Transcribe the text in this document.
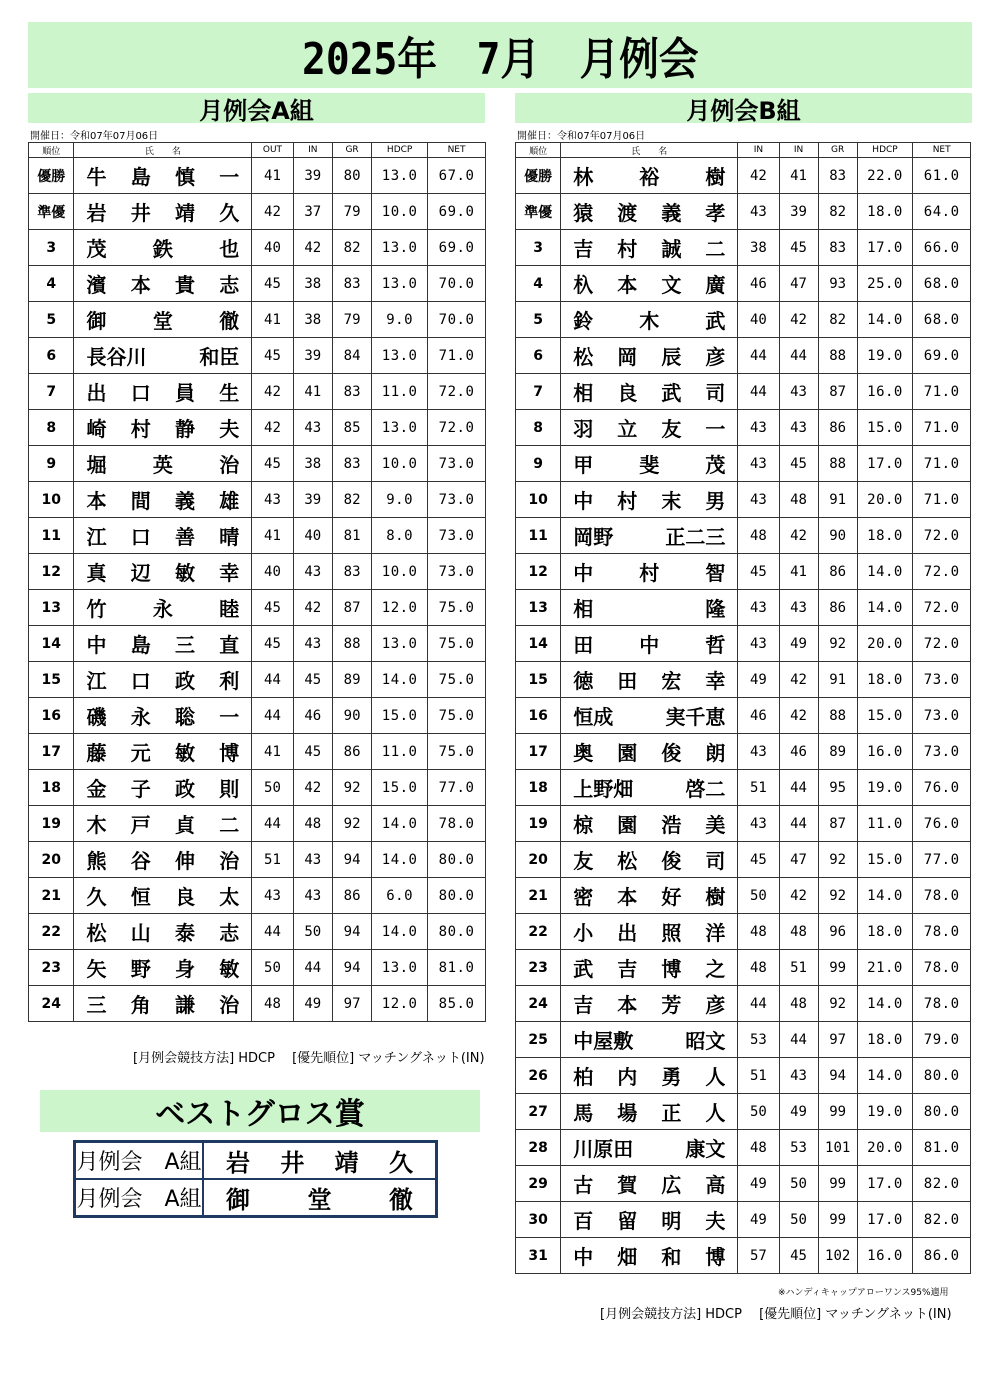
2025年　7月　月例会
月例会A組	月例会B組
開催日：令和07年07月06日	開催日：令和07年07月06日
順位	氏　　名	OUT	IN	GR	HDCP	NET
優勝	牛 島 慎 一	41	39	80	13.0	67.0
準優	岩 井 靖 久	42	37	79	10.0	69.0
3	茂 鉄 也	40	42	82	13.0	69.0
4	濱 本 貴 志	45	38	83	13.0	70.0
5	御 堂 徹	41	38	79	9.0	70.0
6	長谷川 和臣	45	39	84	13.0	71.0
7	出 口 員 生	42	41	83	11.0	72.0
8	崎 村 静 夫	42	43	85	13.0	72.0
9	堀 英 治	45	38	83	10.0	73.0
10	本 間 義 雄	43	39	82	9.0	73.0
11	江 口 善 晴	41	40	81	8.0	73.0
12	真 辺 敏 幸	40	43	83	10.0	73.0
13	竹 永 睦	45	42	87	12.0	75.0
14	中 島 三 直	45	43	88	13.0	75.0
15	江 口 政 利	44	45	89	14.0	75.0
16	磯 永 聡 一	44	46	90	15.0	75.0
17	藤 元 敏 博	41	45	86	11.0	75.0
18	金 子 政 則	50	42	92	15.0	77.0
19	木 戸 貞 二	44	48	92	14.0	78.0
20	熊 谷 伸 治	51	43	94	14.0	80.0
21	久 恒 良 太	43	43	86	6.0	80.0
22	松 山 泰 志	44	50	94	14.0	80.0
23	矢 野 身 敏	50	44	94	13.0	81.0
24	三 角 謙 治	48	49	97	12.0	85.0
順位	氏　　名	IN	IN	GR	HDCP	NET
優勝	林 裕 樹	42	41	83	22.0	61.0
準優	猿 渡 義 孝	43	39	82	18.0	64.0
3	吉 村 誠 二	38	45	83	17.0	66.0
4	杁 本 文 廣	46	47	93	25.0	68.0
5	鈴 木 武	40	42	82	14.0	68.0
6	松 岡 辰 彦	44	44	88	19.0	69.0
7	相 良 武 司	44	43	87	16.0	71.0
8	羽 立 友 一	43	43	86	15.0	71.0
9	甲 斐 茂	43	45	88	17.0	71.0
10	中 村 末 男	43	48	91	20.0	71.0
11	岡野 正二三	48	42	90	18.0	72.0
12	中 村 智	45	41	86	14.0	72.0
13	相 隆	43	43	86	14.0	72.0
14	田 中 哲	43	49	92	20.0	72.0
15	徳 田 宏 幸	49	42	91	18.0	73.0
16	恒成 実千恵	46	42	88	15.0	73.0
17	奥 園 俊 朗	43	46	89	16.0	73.0
18	上野畑 啓二	51	44	95	19.0	76.0
19	椋 園 浩 美	43	44	87	11.0	76.0
20	友 松 俊 司	45	47	92	15.0	77.0
21	密 本 好 樹	50	42	92	14.0	78.0
22	小 出 照 洋	48	48	96	18.0	78.0
23	武 吉 博 之	48	51	99	21.0	78.0
24	吉 本 芳 彦	44	48	92	14.0	78.0
25	中屋敷 昭文	53	44	97	18.0	79.0
26	柏 内 勇 人	51	43	94	14.0	80.0
27	馬 場 正 人	50	49	99	19.0	80.0
28	川原田 康文	48	53	101	20.0	81.0
29	古 賀 広 高	49	50	99	17.0	82.0
30	百 留 明 夫	49	50	99	17.0	82.0
31	中 畑 和 博	57	45	102	16.0	86.0
[月例会競技方法] HDCP　 [優先順位] マッチングネット(IN)
※ハンディキャップアローワンス95%適用
[月例会競技方法] HDCP　 [優先順位] マッチングネット(IN)
ベストグロス賞
月例会　A組	岩 井 靖 久

月例会　A組	御 堂 徹
